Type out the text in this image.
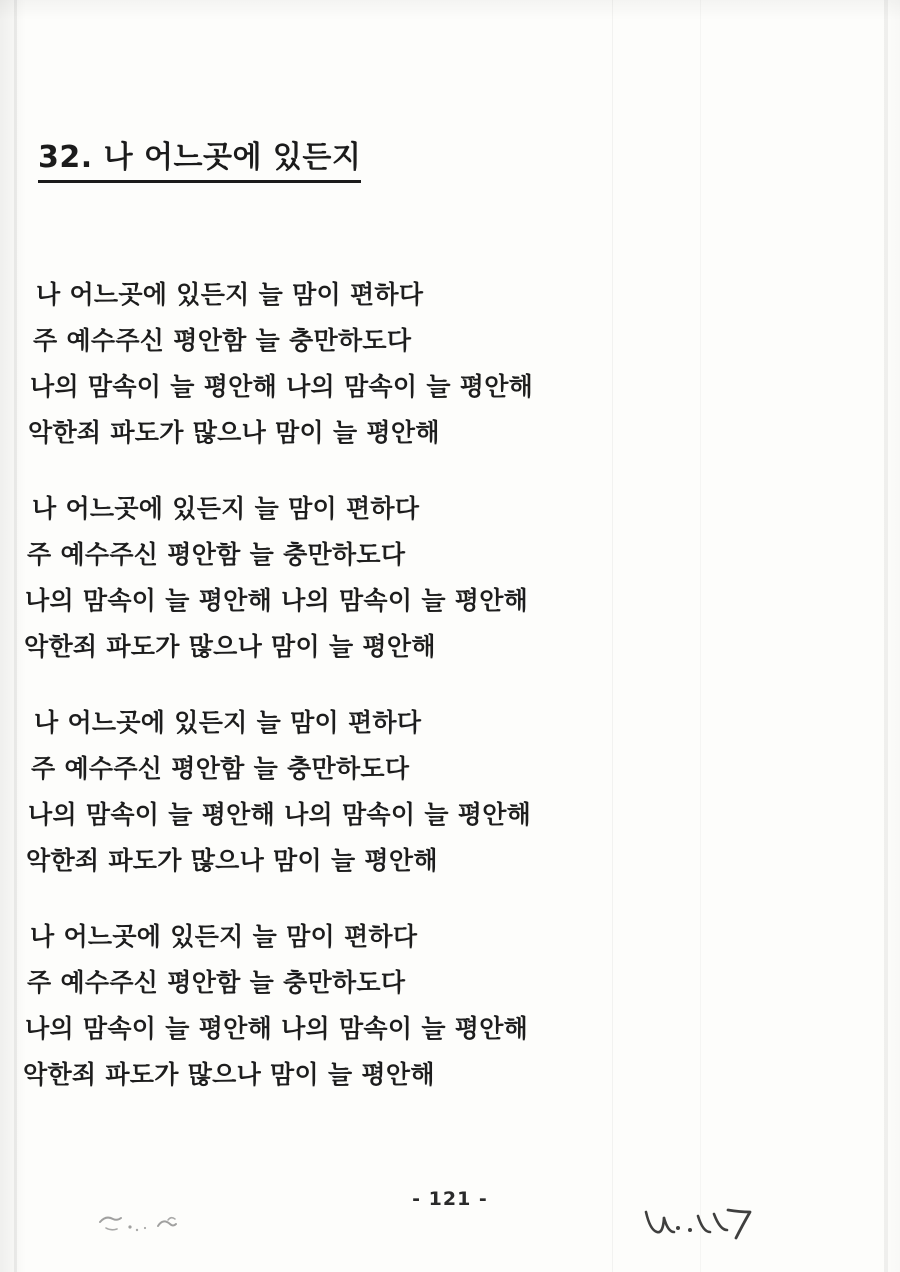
32. 나 어느곳에 있든지
나 어느곳에 있든지 늘 맘이 편하다
주 예수주신 평안함 늘 충만하도다
나의 맘속이 늘 평안해 나의 맘속이 늘 평안해
악한죄 파도가 많으나 맘이 늘 평안해
나 어느곳에 있든지 늘 맘이 편하다
주 예수주신 평안함 늘 충만하도다
나의 맘속이 늘 평안해 나의 맘속이 늘 평안해
악한죄 파도가 많으나 맘이 늘 평안해
나 어느곳에 있든지 늘 맘이 편하다
주 예수주신 평안함 늘 충만하도다
나의 맘속이 늘 평안해 나의 맘속이 늘 평안해
악한죄 파도가 많으나 맘이 늘 평안해
나 어느곳에 있든지 늘 맘이 편하다
주 예수주신 평안함 늘 충만하도다
나의 맘속이 늘 평안해 나의 맘속이 늘 평안해
악한죄 파도가 많으나 맘이 늘 평안해
- 121 -
